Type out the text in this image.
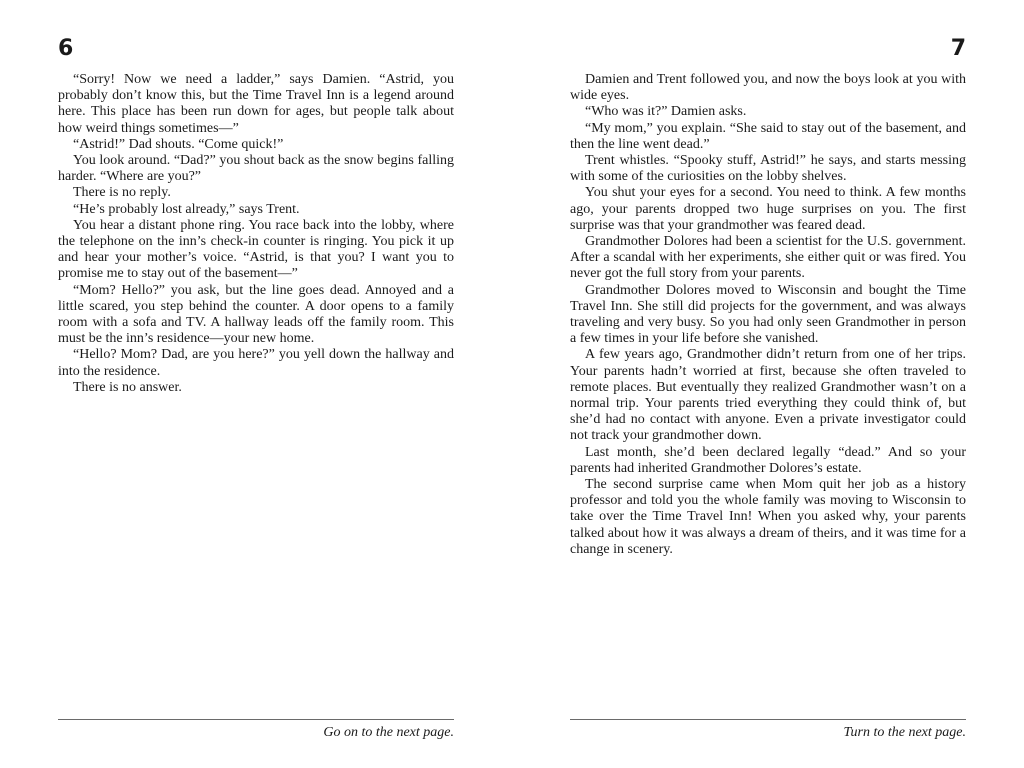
6

“Sorry! Now we need a ladder,” says Damien. “Astrid, you probably don’t know this, but the Time Travel Inn is a legend around here. This place has been run down for ages, but people talk about how weird things sometimes—”

“Astrid!” Dad shouts. “Come quick!”

You look around. “Dad?” you shout back as the snow begins falling harder. “Where are you?”

There is no reply.

“He’s probably lost already,” says Trent.

You hear a distant phone ring. You race back into the lobby, where the telephone on the inn’s check-in counter is ringing. You pick it up and hear your mother’s voice. “Astrid, is that you? I want you to promise me to stay out of the basement—”

“Mom? Hello?” you ask, but the line goes dead. Annoyed and a little scared, you step behind the counter. A door opens to a family room with a sofa and TV. A hallway leads off the family room. This must be the inn’s residence—your new home.

“Hello? Mom? Dad, are you here?” you yell down the hallway and into the residence.

There is no answer.

Go on to the next page.

7

Damien and Trent followed you, and now the boys look at you with wide eyes.

“Who was it?” Damien asks.

“My mom,” you explain. “She said to stay out of the basement, and then the line went dead.”

Trent whistles. “Spooky stuff, Astrid!” he says, and starts messing with some of the curiosities on the lobby shelves.

You shut your eyes for a second. You need to think. A few months ago, your parents dropped two huge surprises on you. The first surprise was that your grandmother was feared dead.

Grandmother Dolores had been a scientist for the U.S. government. After a scandal with her experiments, she either quit or was fired. You never got the full story from your parents.

Grandmother Dolores moved to Wisconsin and bought the Time Travel Inn. She still did projects for the government, and was always traveling and very busy. So you had only seen Grandmother in person a few times in your life before she vanished.

A few years ago, Grandmother didn’t return from one of her trips. Your parents hadn’t worried at first, because she often traveled to remote places. But eventually they realized Grandmother wasn’t on a normal trip. Your parents tried everything they could think of, but she’d had no contact with anyone. Even a private investigator could not track your grandmother down.

Last month, she’d been declared legally “dead.” And so your parents had inherited Grandmother Dolores’s estate.

The second surprise came when Mom quit her job as a history professor and told you the whole family was moving to Wisconsin to take over the Time Travel Inn! When you asked why, your parents talked about how it was always a dream of theirs, and it was time for a change in scenery.

Turn to the next page.
